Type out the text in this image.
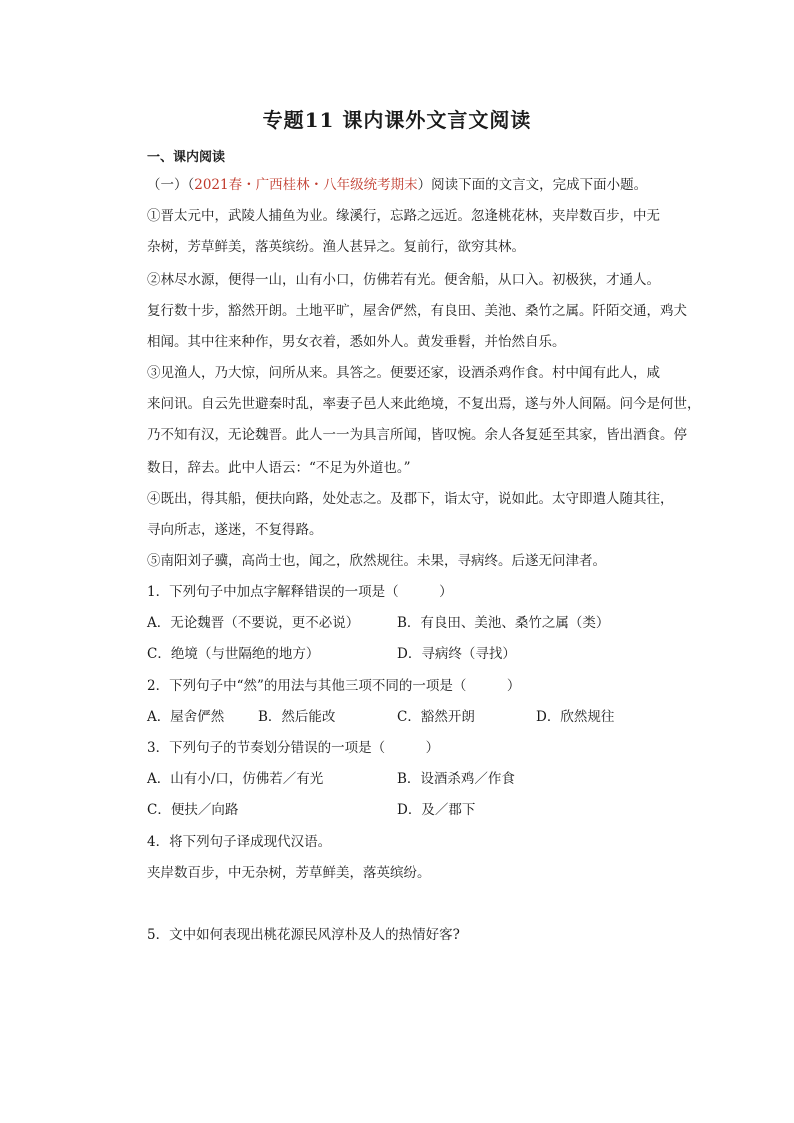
专题11 课内课外文言文阅读
一、课内阅读
（一）（2021春・广西桂林・八年级统考期末）阅读下面的文言文，完成下面小题。
①晋太元中，武陵人捕鱼为业。缘溪行，忘路之远近。忽逢桃花林，夹岸数百步，中无
杂树，芳草鲜美，落英缤纷。渔人甚异之。复前行，欲穷其林。
②林尽水源，便得一山，山有小口，仿佛若有光。便舍船，从口入。初极狭，才通人。
复行数十步，豁然开朗。土地平旷，屋舍俨然，有良田、美池、桑竹之属。阡陌交通，鸡犬
相闻。其中往来种作，男女衣着，悉如外人。黄发垂髫，并怡然自乐。
③见渔人，乃大惊，问所从来。具答之。便要还家，设酒杀鸡作食。村中闻有此人，咸
来问讯。自云先世避秦时乱，率妻子邑人来此绝境，不复出焉，遂与外人间隔。问今是何世，
乃不知有汉，无论魏晋。此人一一为具言所闻，皆叹惋。余人各复延至其家，皆出酒食。停
数日，辞去。此中人语云：“不足为外道也。”
④既出，得其船，便扶向路，处处志之。及郡下，诣太守，说如此。太守即遣人随其往，
寻向所志，遂迷，不复得路。
⑤南阳刘子骥，高尚士也，闻之，欣然规往。未果，寻病终。后遂无问津者。
1．下列句子中加点字解释错误的一项是（　　　）
A．无论魏晋（不要说，更不必说）	B．有良田、美池、桑竹之属（类）
C．绝境（与世隔绝的地方）	D．寻病终（寻找）
2．下列句子中“然”的用法与其他三项不同的一项是（　　　）
A．屋舍俨然	B．然后能改	C．豁然开朗	D．欣然规往
3．下列句子的节奏划分错误的一项是（　　　）
A．山有小/口，仿佛若／有光	B．设酒杀鸡／作食
C．便扶／向路	D．及／郡下
4．将下列句子译成现代汉语。
夹岸数百步，中无杂树，芳草鲜美，落英缤纷。
5．文中如何表现出桃花源民风淳朴及人的热情好客?
